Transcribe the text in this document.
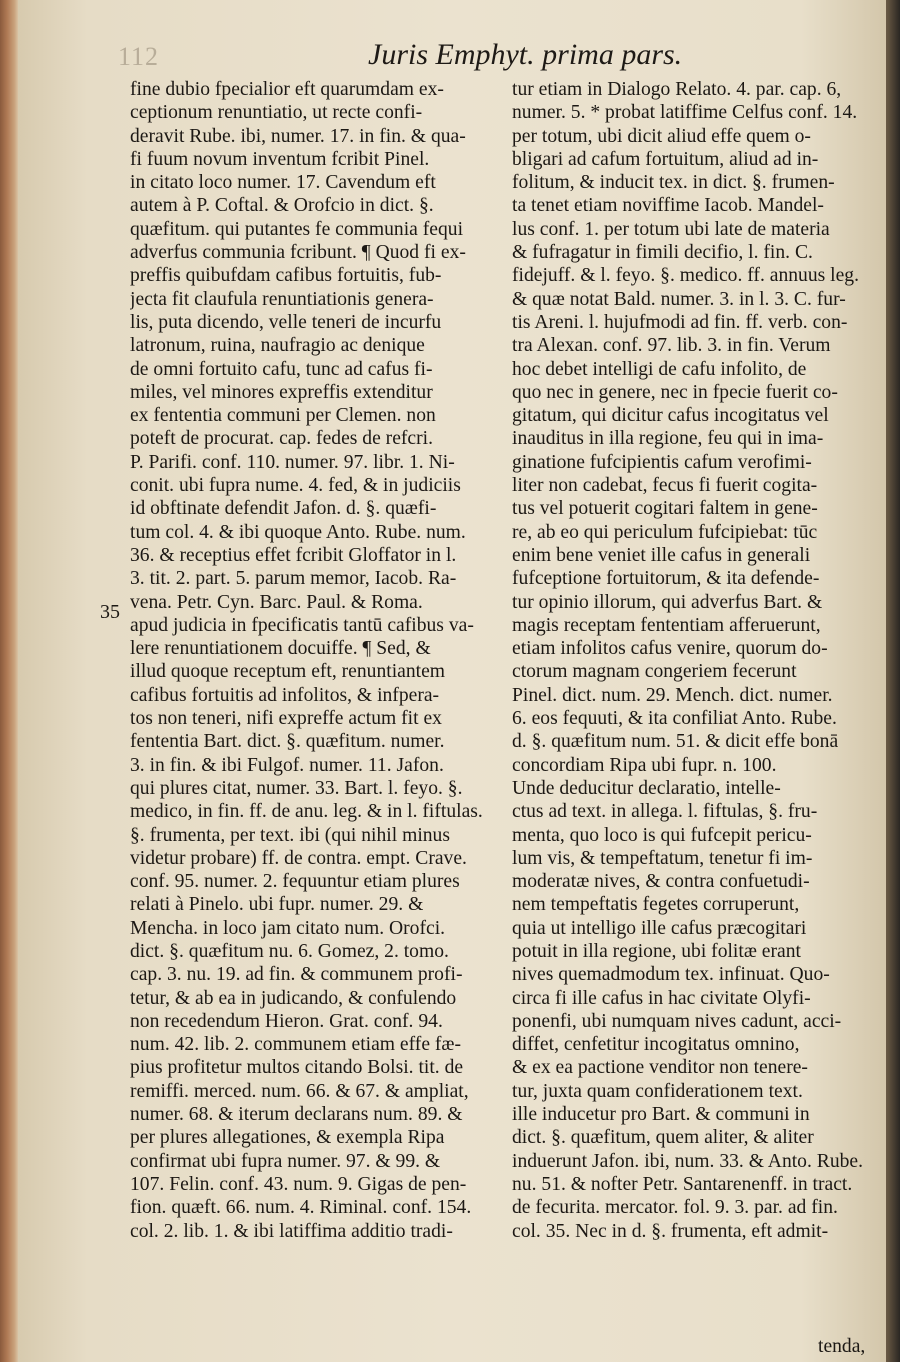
112	Juris Emphyt. prima pars.
35
fine dubio fpecialior eft quarumdam ex-
ceptionum renuntiatio, ut recte confi-
deravit Rube. ibi, numer. 17. in fin. & qua-
fi fuum novum inventum fcribit Pinel.
in citato loco numer. 17. Cavendum eft
autem à P. Coftal. & Orofcio in dict. §.
quæfitum. qui putantes fe communia fequi
adverfus communia fcribunt. ¶ Quod fi ex-
preffis quibufdam cafibus fortuitis, fub-
jecta fit claufula renuntiationis genera-
lis, puta dicendo, velle teneri de incurfu
latronum, ruina, naufragio ac denique
de omni fortuito cafu, tunc ad cafus fi-
miles, vel minores expreffis extenditur
ex fententia communi per Clemen. non
poteft de procurat. cap. fedes de refcri.
P. Parifi. conf. 110. numer. 97. libr. 1. Ni-
conit. ubi fupra nume. 4. fed, & in judiciis
id obftinate defendit Jafon. d. §. quæfi-
tum col. 4. & ibi quoque Anto. Rube. num.
36. & receptius effet fcribit Gloffator in l.
3. tit. 2. part. 5. parum memor, Iacob. Ra-
vena. Petr. Cyn. Barc. Paul. & Roma.
apud judicia in fpecificatis tantū cafibus va-
lere renuntiationem docuiffe. ¶ Sed, &
illud quoque receptum eft, renuntiantem
cafibus fortuitis ad infolitos, & infpera-
tos non teneri, nifi expreffe actum fit ex
fententia Bart. dict. §. quæfitum. numer.
3. in fin. & ibi Fulgof. numer. 11. Jafon.
qui plures citat, numer. 33. Bart. l. feyo. §.
medico, in fin. ff. de anu. leg. & in l. fiftulas.
§. frumenta, per text. ibi (qui nihil minus
videtur probare) ff. de contra. empt. Crave.
conf. 95. numer. 2. fequuntur etiam plures
relati à Pinelo. ubi fupr. numer. 29. &
Mencha. in loco jam citato num. Orofci.
dict. §. quæfitum nu. 6. Gomez, 2. tomo.
cap. 3. nu. 19. ad fin. & communem profi-
tetur, & ab ea in judicando, & confulendo
non recedendum Hieron. Grat. conf. 94.
num. 42. lib. 2. communem etiam effe fæ-
pius profitetur multos citando Bolsi. tit. de
remiffi. merced. num. 66. & 67. & ampliat,
numer. 68. & iterum declarans num. 89. &
per plures allegationes, & exempla Ripa
confirmat ubi fupra numer. 97. & 99. &
107. Felin. conf. 43. num. 9. Gigas de pen-
fion. quæft. 66. num. 4. Riminal. conf. 154.
col. 2. lib. 1. & ibi latiffima additio tradi-
tur etiam in Dialogo Relato. 4. par. cap. 6,
numer. 5. * probat latiffime Celfus conf. 14.
per totum, ubi dicit aliud effe quem o-
bligari ad cafum fortuitum, aliud ad in-
folitum, & inducit tex. in dict. §. frumen-
ta tenet etiam noviffime Iacob. Mandel-
lus conf. 1. per totum ubi late de materia
& fufragatur in fimili decifio, l. fin. C.
fidejuff. & l. feyo. §. medico. ff. annuus leg.
& quæ notat Bald. numer. 3. in l. 3. C. fur-
tis Areni. l. hujufmodi ad fin. ff. verb. con-
tra Alexan. conf. 97. lib. 3. in fin. Verum
hoc debet intelligi de cafu infolito, de
quo nec in genere, nec in fpecie fuerit co-
gitatum, qui dicitur cafus incogitatus vel
inauditus in illa regione, feu qui in ima-
ginatione fufcipientis cafum verofimi-
liter non cadebat, fecus fi fuerit cogita-
tus vel potuerit cogitari faltem in gene-
re, ab eo qui periculum fufcipiebat: tūc
enim bene veniet ille cafus in generali
fufceptione fortuitorum, & ita defende-
tur opinio illorum, qui adverfus Bart. &
magis receptam fententiam afferuerunt,
etiam infolitos cafus venire, quorum do-
ctorum magnam congeriem fecerunt
Pinel. dict. num. 29. Mench. dict. numer.
6. eos fequuti, & ita confiliat Anto. Rube.
d. §. quæfitum num. 51. & dicit effe bonā
concordiam Ripa ubi fupr. n. 100.
Unde deducitur declaratio, intelle-
ctus ad text. in allega. l. fiftulas, §. fru-
menta, quo loco is qui fufcepit pericu-
lum vis, & tempeftatum, tenetur fi im-
moderatæ nives, & contra confuetudi-
nem tempeftatis fegetes corruperunt,
quia ut intelligo ille cafus præcogitari
potuit in illa regione, ubi folitæ erant
nives quemadmodum tex. infinuat. Quo-
circa fi ille cafus in hac civitate Olyfi-
ponenfi, ubi numquam nives cadunt, acci-
diffet, cenfetitur incogitatus omnino,
& ex ea pactione venditor non tenere-
tur, juxta quam confiderationem text.
ille inducetur pro Bart. & communi in
dict. §. quæfitum, quem aliter, & aliter
induerunt Jafon. ibi, num. 33. & Anto. Rube.
nu. 51. & nofter Petr. Santarenenff. in tract.
de fecurita. mercator. fol. 9. 3. par. ad fin.
col. 35. Nec in d. §. frumenta, eft admit-
tenda,
